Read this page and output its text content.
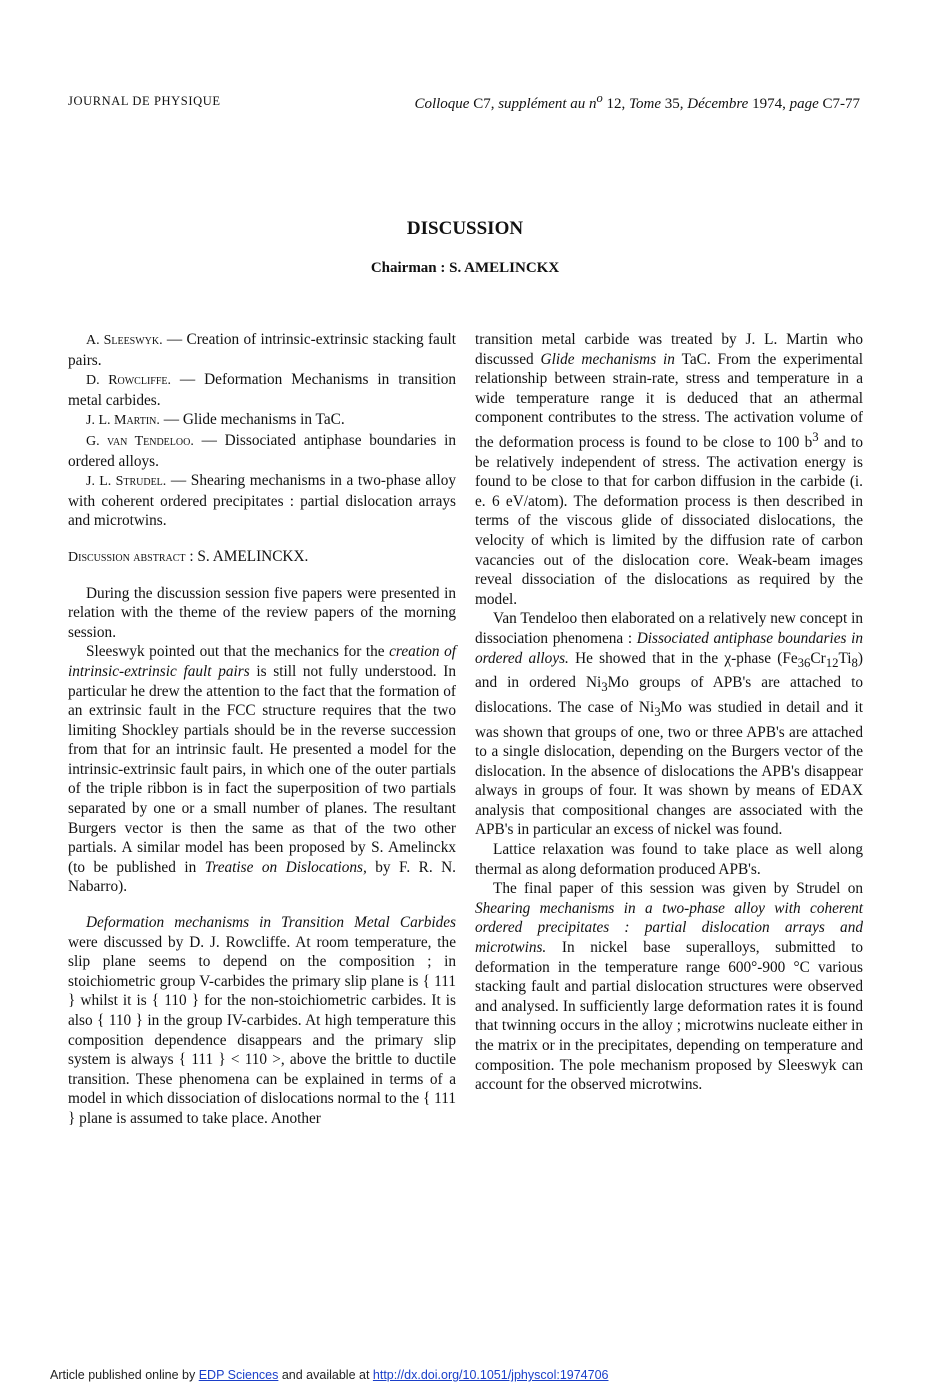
JOURNAL DE PHYSIQUE	Colloque C7, supplément au $n^o$ 12, Tome 35, Décembre 1974, page C7-77
DISCUSSION
Chairman : S. AMELINCKX

A. Sleeswyk. — Creation of intrinsic-extrinsic stacking fault pairs.

D. Rowcliffe. — Deformation Mechanisms in transition metal carbides.

J. L. Martin. — Glide mechanisms in TaC.

G. van Tendeloo. — Dissociated antiphase boundaries in ordered alloys.

J. L. Strudel. — Shearing mechanisms in a two-phase alloy with coherent ordered precipitates : partial dislocation arrays and microtwins.

Discussion abstract : S. AMELINCKX.

During the discussion session five papers were presented in relation with the theme of the review papers of the morning session.

Sleeswyk pointed out that the mechanics for the creation of intrinsic-extrinsic fault pairs is still not fully understood. In particular he drew the attention to the fact that the formation of an extrinsic fault in the FCC structure requires that the two limiting Shockley partials should be in the reverse succession from that for an intrinsic fault. He presented a model for the intrinsic-extrinsic fault pairs, in which one of the outer partials of the triple ribbon is in fact the superposition of two partials separated by one or a small number of planes. The resultant Burgers vector is then the same as that of the two other partials. A similar model has been proposed by S. Amelinckx (to be published in Treatise on Dislocations, by F. R. N. Nabarro).

Deformation mechanisms in Transition Metal Carbides were discussed by D. J. Rowcliffe. At room temperature, the slip plane seems to depend on the composition ; in stoichiometric group V-carbides the primary slip plane is { 111 } whilst it is { 110 } for the non-stoichiometric carbides. It is also { 110 } in the group IV-carbides. At high temperature this composition dependence disappears and the primary slip system is always { 111 } < 110 >, above the brittle to ductile transition. These phenomena can be explained in terms of a model in which dissociation of dislocations normal to the { 111 } plane is assumed to take place. Another

transition metal carbide was treated by J. L. Martin who discussed Glide mechanisms in TaC. From the experimental relationship between strain-rate, stress and temperature in a wide temperature range it is deduced that an athermal component contributes to the stress. The activation volume of the deformation process is found to be close to 100 $b^3$ and to be relatively independent of stress. The activation energy is found to be close to that for carbon diffusion in the carbide (i. e. 6 eV/atom). The deformation process is then described in terms of the viscous glide of dissociated dislocations, the velocity of which is limited by the diffusion rate of carbon vacancies out of the dislocation core. Weak-beam images reveal dissociation of the dislocations as required by the model.

Van Tendeloo then elaborated on a relatively new concept in dissociation phenomena : Dissociated antiphase boundaries in ordered alloys. He showed that in the χ-phase $(Fe_{36}Cr_{12}Ti_8)$ and in ordered $Ni_3Mo$ groups of APB's are attached to dislocations. The case of $Ni_3Mo$ was studied in detail and it was shown that groups of one, two or three APB's are attached to a single dislocation, depending on the Burgers vector of the dislocation. In the absence of dislocations the APB's disappear always in groups of four. It was shown by means of EDAX analysis that compositional changes are associated with the APB's in particular an excess of nickel was found.

Lattice relaxation was found to take place as well along thermal as along deformation produced APB's.

The final paper of this session was given by Strudel on Shearing mechanisms in a two-phase alloy with coherent ordered precipitates : partial dislocation arrays and microtwins. In nickel base superalloys, submitted to deformation in the temperature range 600°-900 °C various stacking fault and partial dislocation structures were observed and analysed. In sufficiently large deformation rates it is found that twinning occurs in the alloy ; microtwins nucleate either in the matrix or in the precipitates, depending on temperature and composition. The pole mechanism proposed by Sleeswyk can account for the observed microtwins.

Article published online by EDP Sciences and available at http://dx.doi.org/10.1051/jphyscol:1974706
